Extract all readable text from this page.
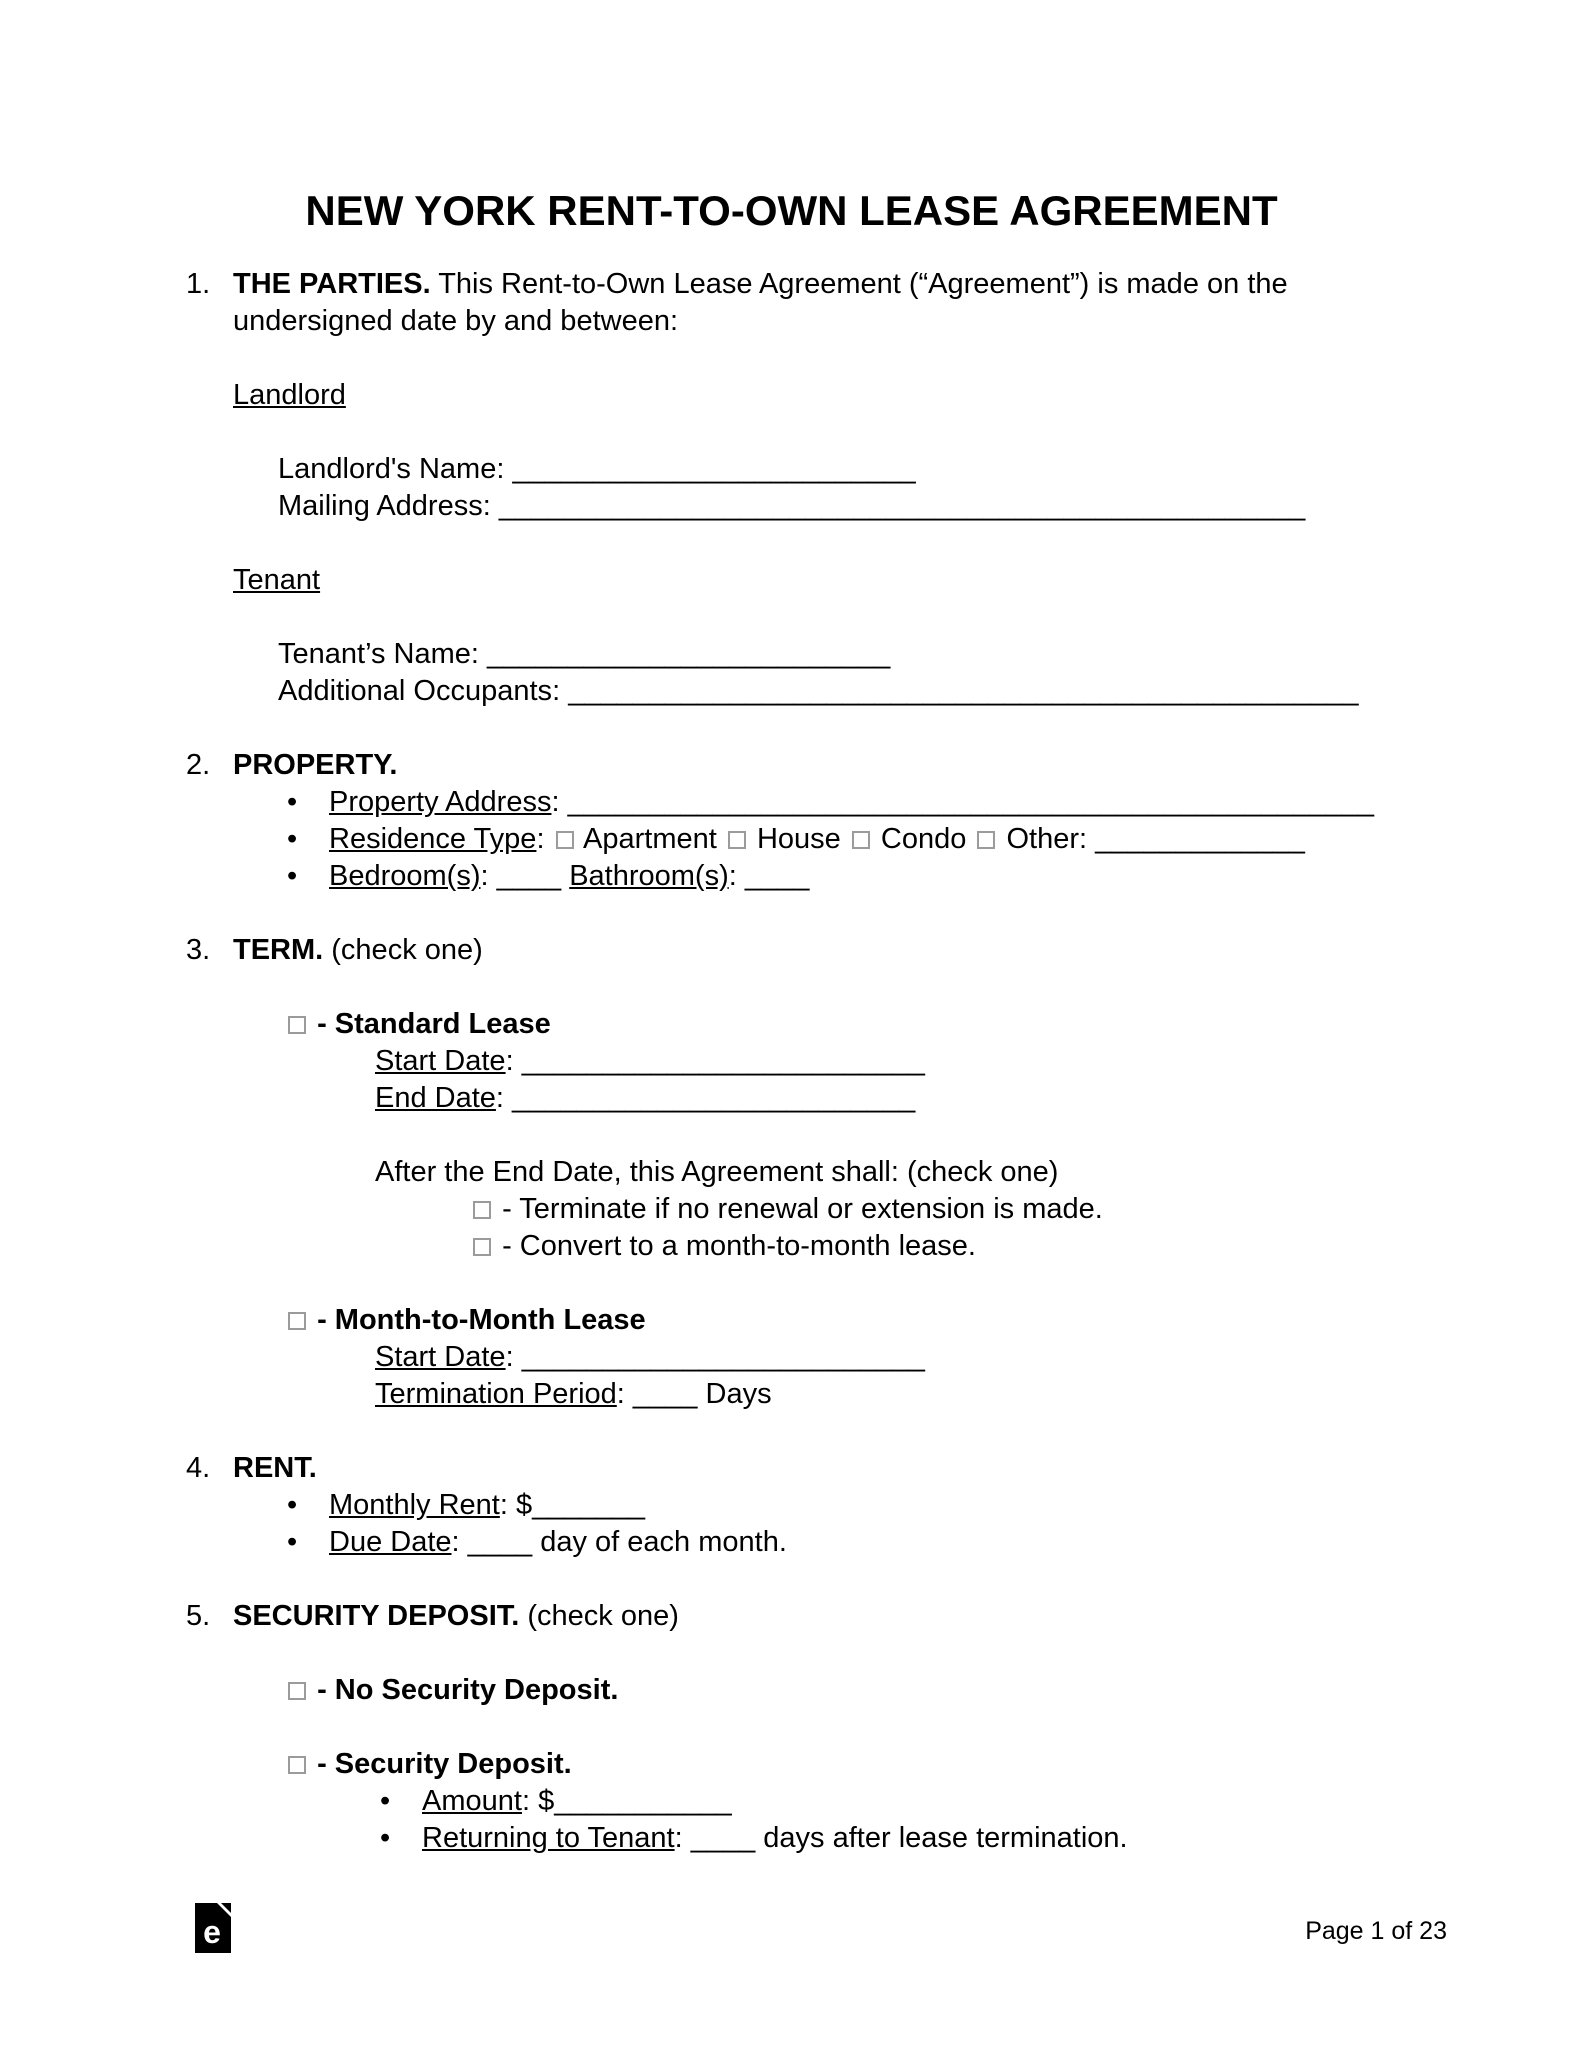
NEW YORK RENT-TO-OWN LEASE AGREEMENT
1. THE PARTIES. This Rent-to-Own Lease Agreement (“Agreement”) is made on the undersigned date by and between:
Landlord
Landlord's Name: _________________________
Mailing Address: __________________________________________________
Tenant
Tenant’s Name: _________________________
Additional Occupants: _________________________________________________
2. PROPERTY.
•	Property Address: __________________________________________________
•	Residence Type: Apartment House Condo Other: _____________
•	Bedroom(s): ____ Bathroom(s): ____
3. TERM. (check one)
- Standard Lease
Start Date: _________________________
End Date: _________________________
After the End Date, this Agreement shall: (check one)
- Terminate if no renewal or extension is made.
- Convert to a month-to-month lease.
- Month-to-Month Lease
Start Date: _________________________
Termination Period: ____ Days
4. RENT.
•	Monthly Rent: $_______
•	Due Date: ____ day of each month.
5. SECURITY DEPOSIT. (check one)
- No Security Deposit.
- Security Deposit.
•	Amount: $___________
•	Returning to Tenant: ____ days after lease termination.
e	Page 1 of 23
